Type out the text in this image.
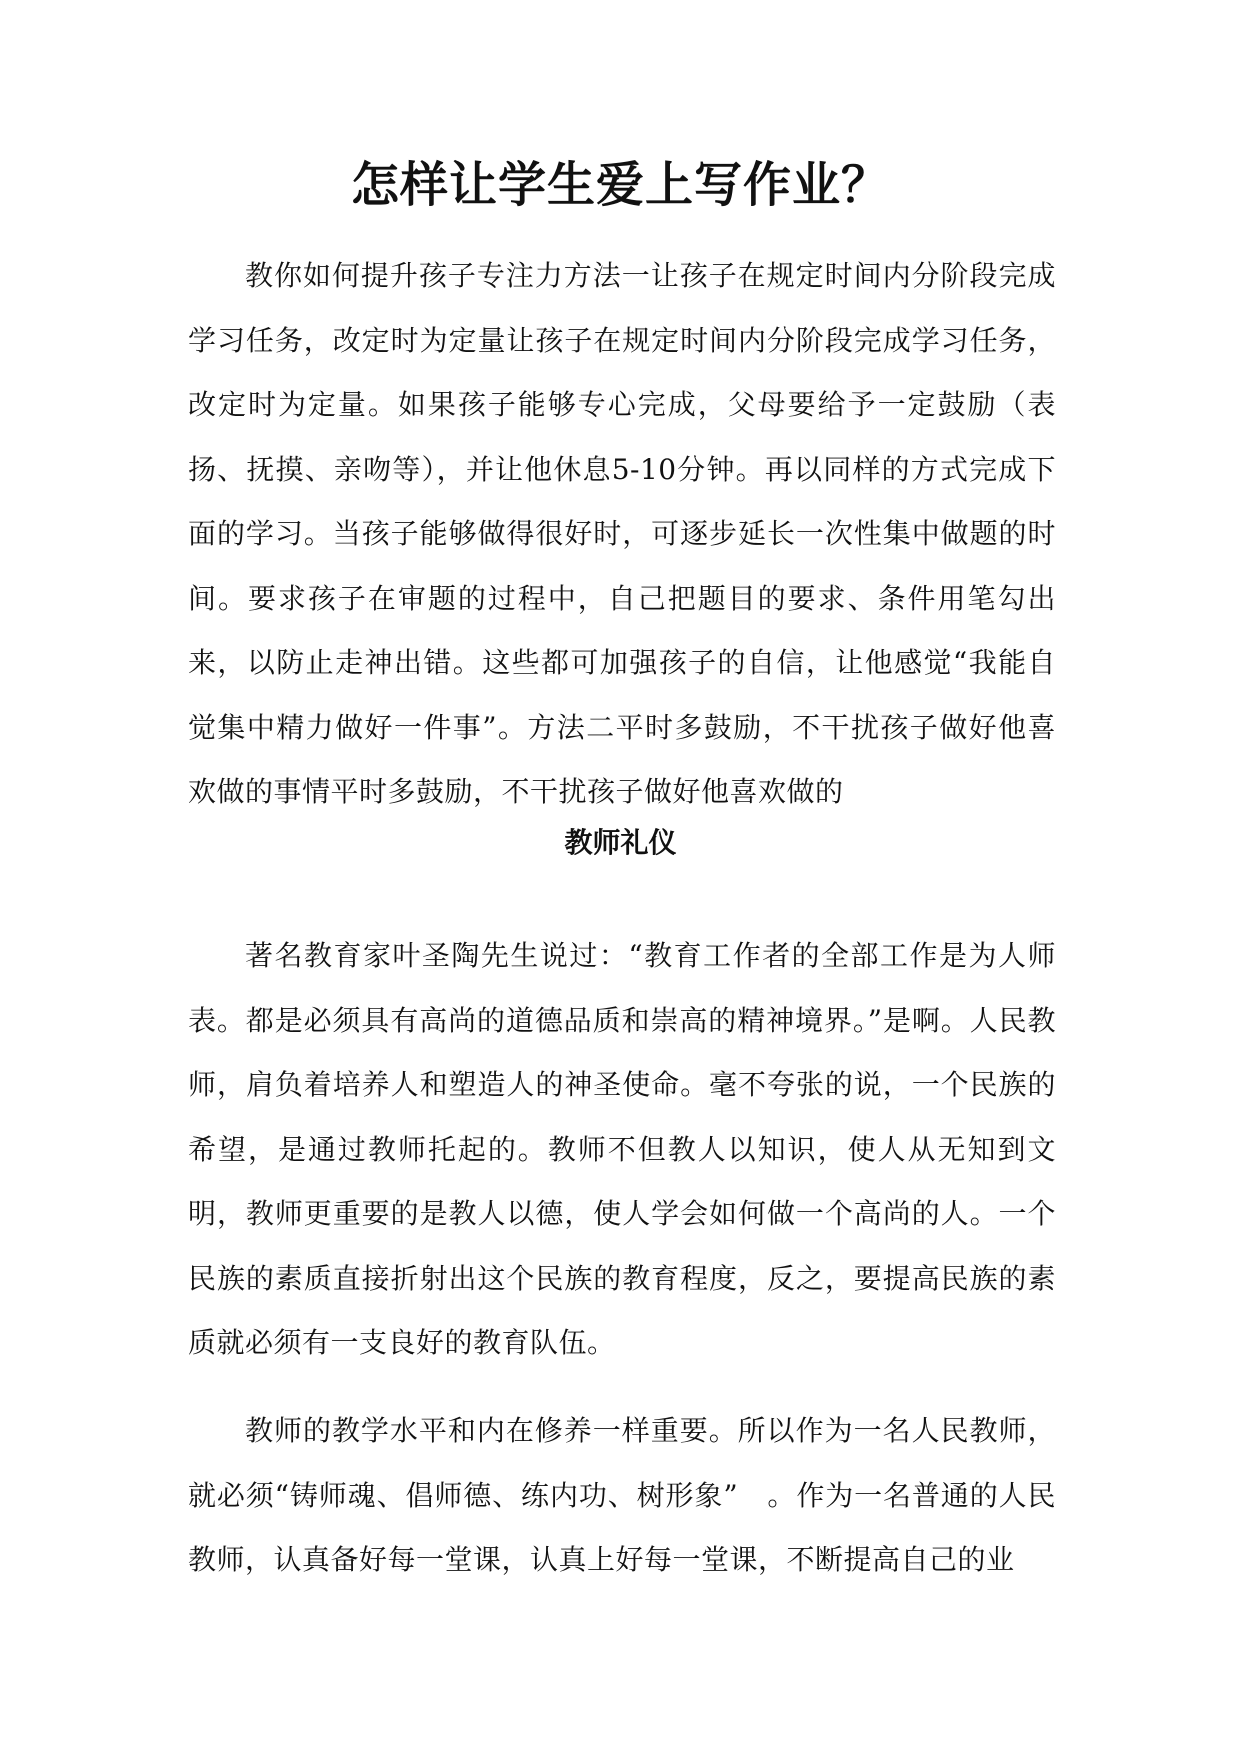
怎样让学生爱上写作业？

教你如何提升孩子专注力方法一让孩子在规定时间内分阶段完成学习任务，改定时为定量让孩子在规定时间内分阶段完成学习任务，改定时为定量。如果孩子能够专心完成，父母要给予一定鼓励（表扬、抚摸、亲吻等），并让他休息5-10分钟。再以同样的方式完成下面的学习。当孩子能够做得很好时，可逐步延长一次性集中做题的时间。要求孩子在审题的过程中，自己把题目的要求、条件用笔勾出来，以防止走神出错。这些都可加强孩子的自信，让他感觉“我能自觉集中精力做好一件事”。方法二平时多鼓励，不干扰孩子做好他喜欢做的事情平时多鼓励，不干扰孩子做好他喜欢做的

教师礼仪

著名教育家叶圣陶先生说过：“教育工作者的全部工作是为人师表。都是必须具有高尚的道德品质和崇高的精神境界。”是啊。人民教师，肩负着培养人和塑造人的神圣使命。毫不夸张的说，一个民族的希望，是通过教师托起的。教师不但教人以知识，使人从无知到文明，教师更重要的是教人以德，使人学会如何做一个高尚的人。一个民族的素质直接折射出这个民族的教育程度，反之，要提高民族的素质就必须有一支良好的教育队伍。

教师的教学水平和内在修养一样重要。所以作为一名人民教师，就必须“铸师魂、倡师德、练内功、树形象”　。作为一名普通的人民教师，认真备好每一堂课，认真上好每一堂课，不断提高自己的业
